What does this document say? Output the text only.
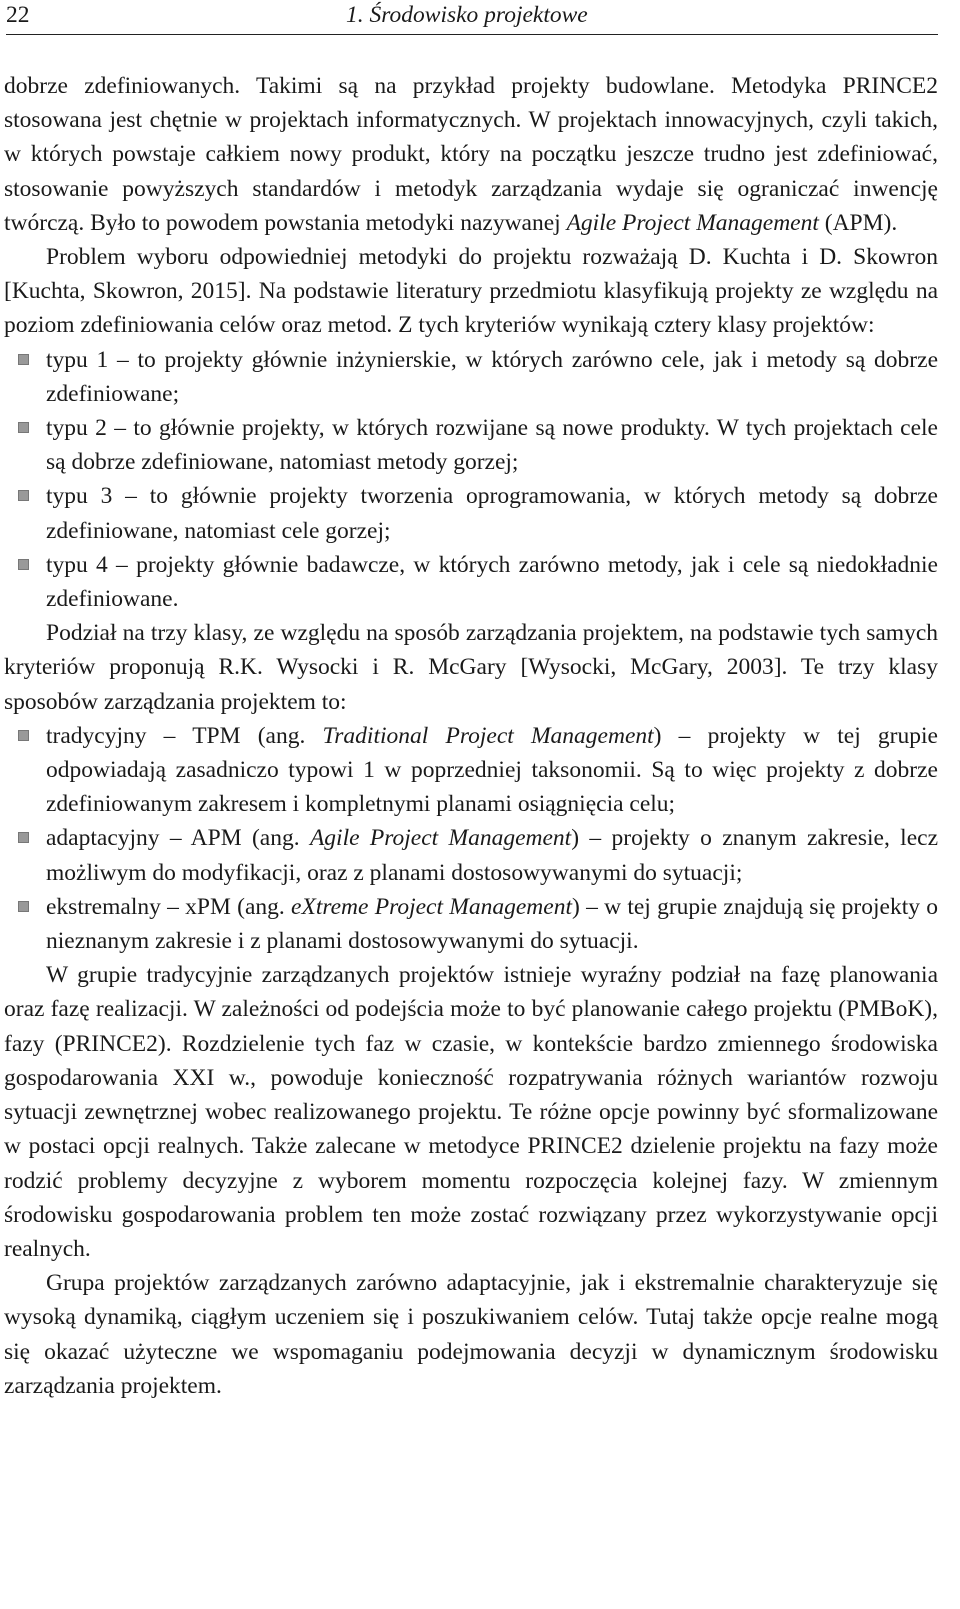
22	1. Środowisko projektowe

dobrze zdefiniowanych. Takimi są na przykład projekty budowlane. Metodyka PRINCE2 stosowana jest chętnie w projektach informatycznych. W projektach innowacyjnych, czyli takich, w których powstaje całkiem nowy produkt, który na początku jeszcze trudno jest zdefiniować, stosowanie powyższych standardów i metodyk zarządzania wydaje się ograniczać inwencję twórczą. Było to powodem powstania metodyki nazywanej Agile Project Management (APM).

Problem wyboru odpowiedniej metodyki do projektu rozważają D. Kuchta i D. Skowron [Kuchta, Skowron, 2015]. Na podstawie literatury przedmiotu klasyfikują projekty ze względu na poziom zdefiniowania celów oraz metod. Z tych kryteriów wynikają cztery klasy projektów:

typu 1 – to projekty głównie inżynierskie, w których zarówno cele, jak i metody są dobrze zdefiniowane;
typu 2 – to głównie projekty, w których rozwijane są nowe produkty. W tych projektach cele są dobrze zdefiniowane, natomiast metody gorzej;
typu 3 – to głównie projekty tworzenia oprogramowania, w których metody są dobrze zdefiniowane, natomiast cele gorzej;
typu 4 – projekty głównie badawcze, w których zarówno metody, jak i cele są niedokładnie zdefiniowane.

Podział na trzy klasy, ze względu na sposób zarządzania projektem, na podstawie tych samych kryteriów proponują R.K. Wysocki i R. McGary [Wysocki, McGary, 2003]. Te trzy klasy sposobów zarządzania projektem to:

tradycyjny – TPM (ang. Traditional Project Management) – projekty w tej grupie odpowiadają zasadniczo typowi 1 w poprzedniej taksonomii. Są to więc projekty z dobrze zdefiniowanym zakresem i kompletnymi planami osiągnięcia celu;
adaptacyjny – APM (ang. Agile Project Management) – projekty o znanym zakresie, lecz możliwym do modyfikacji, oraz z planami dostosowywanymi do sytuacji;
ekstremalny – xPM (ang. eXtreme Project Management) – w tej grupie znajdują się projekty o nieznanym zakresie i z planami dostosowywanymi do sytuacji.

W grupie tradycyjnie zarządzanych projektów istnieje wyraźny podział na fazę planowania oraz fazę realizacji. W zależności od podejścia może to być planowanie całego projektu (PMBoK), fazy (PRINCE2). Rozdzielenie tych faz w czasie, w kontekście bardzo zmiennego środowiska gospodarowania XXI w., powoduje konieczność rozpatrywania różnych wariantów rozwoju sytuacji zewnętrznej wobec realizowanego projektu. Te różne opcje powinny być sformalizowane w postaci opcji realnych. Także zalecane w metodyce PRINCE2 dzielenie projektu na fazy może rodzić problemy decyzyjne z wyborem momentu rozpoczęcia kolejnej fazy. W zmiennym środowisku gospodarowania problem ten może zostać rozwiązany przez wykorzystywanie opcji realnych.

Grupa projektów zarządzanych zarówno adaptacyjnie, jak i ekstremalnie charakteryzuje się wysoką dynamiką, ciągłym uczeniem się i poszukiwaniem celów. Tutaj także opcje realne mogą się okazać użyteczne we wspomaganiu podejmowania decyzji w dynamicznym środowisku zarządzania projektem.
